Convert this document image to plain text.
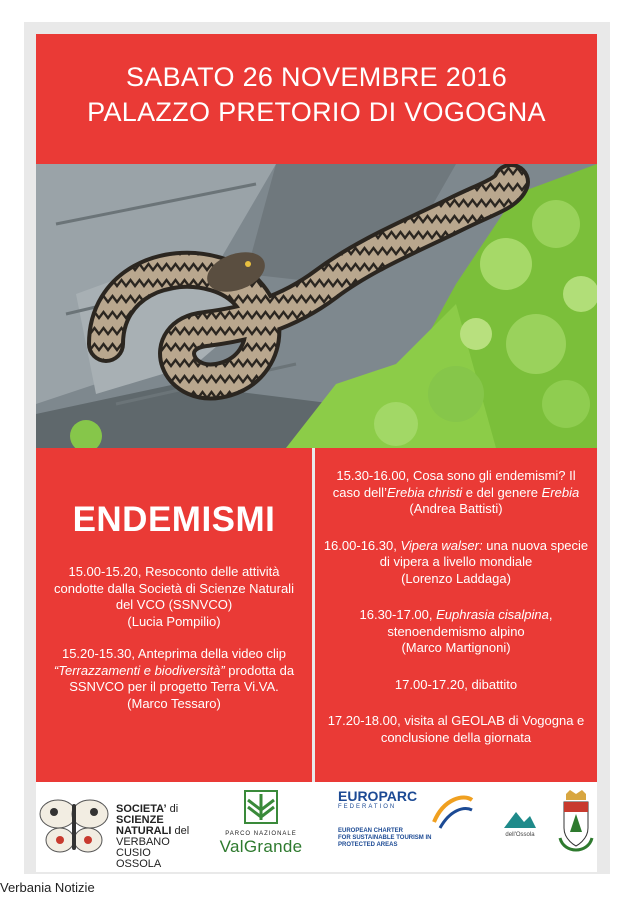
SABATO 26 NOVEMBRE 2016
PALAZZO PRETORIO DI VOGOGNA
ENDEMISMI
15.00-15.20, Resoconto delle attività condotte dalla Società di Scienze Naturali del VCO (SSNVCO)
(Lucia Pompilio)
15.20-15.30, Anteprima della video clip “Terrazzamenti e biodiversità” prodotta da SSNVCO per il progetto Terra Vi.VA.
(Marco Tessaro)
15.30-16.00, Cosa sono gli endemismi? Il caso dell’Erebia christi e del genere Erebia
(Andrea Battisti)
16.00-16.30, Vipera walser: una nuova specie di vipera a livello mondiale
(Lorenzo Laddaga)
16.30-17.00, Euphrasia cisalpina, stenoendemismo alpino
(Marco Martignoni)
17.00-17.20, dibattito
17.20-18.00, visita al GEOLAB di Vogogna e conclusione della giornata
SOCIETA’ di
SCIENZE
NATURALI del
VERBANO
CUSIO
OSSOLA
PARCO NAZIONALE
ValGrande
EUROPARC
FEDERATION
EUROPEAN CHARTER
FOR SUSTAINABLE TOURISM IN
PROTECTED AREAS
dell'Ossola
Verbania Notizie
